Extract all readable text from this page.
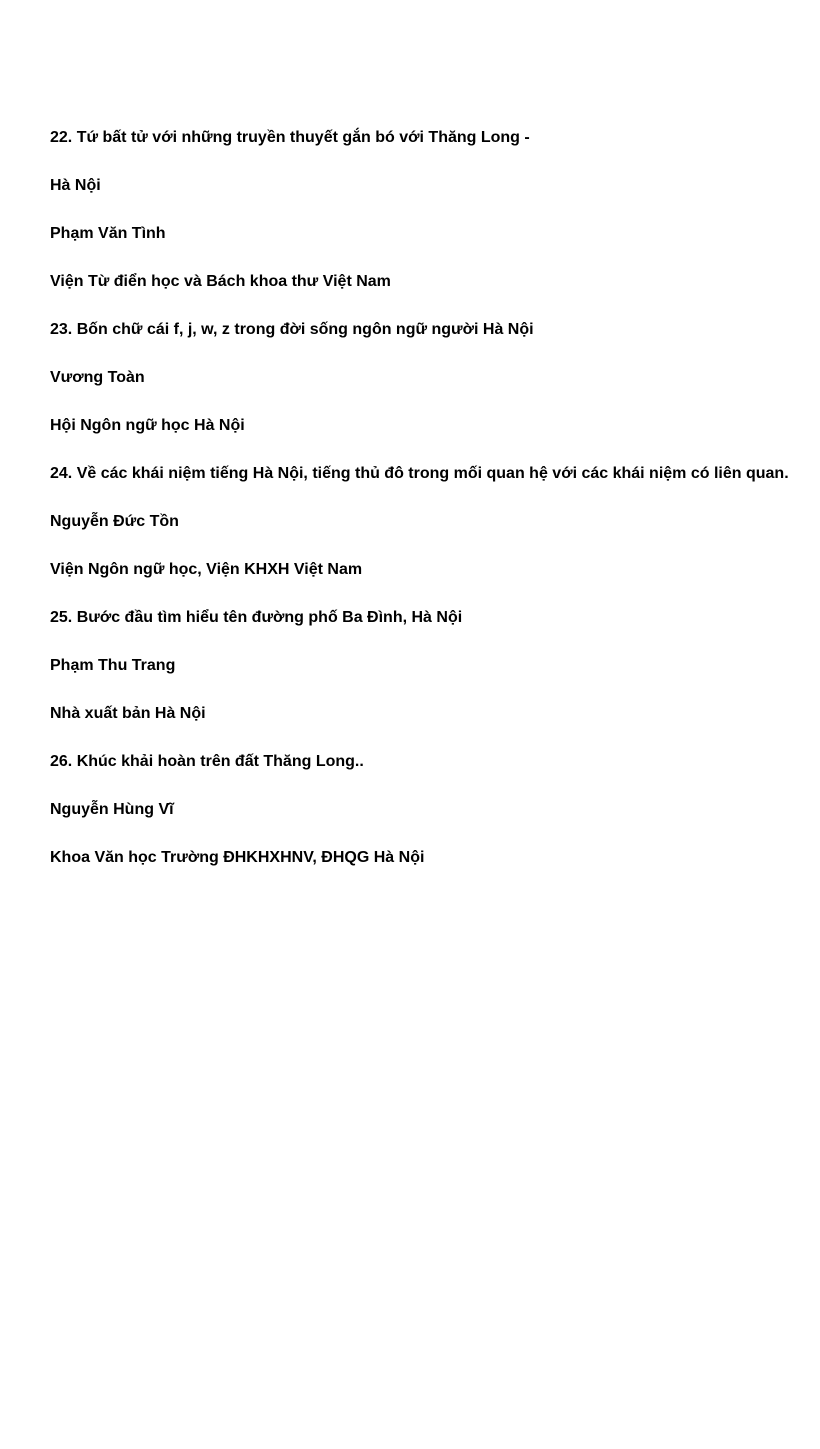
22. Tứ bất tử với những truyền thuyết gắn bó với Thăng Long -

Hà Nội

Phạm Văn Tình

Viện Từ điển học và Bách khoa thư Việt Nam

23. Bốn chữ cái f, j, w, z trong đời sống ngôn ngữ người Hà Nội

Vương Toàn

Hội Ngôn ngữ học Hà Nội

24. Về các khái niệm tiếng Hà Nội, tiếng thủ đô trong mối quan hệ với các khái niệm có liên quan.

Nguyễn Đức Tồn

Viện Ngôn ngữ học, Viện KHXH Việt Nam

25. Bước đầu tìm hiểu tên đường phố Ba Đình, Hà Nội

Phạm Thu Trang

Nhà xuất bản Hà Nội

26. Khúc khải hoàn trên đất Thăng Long..

Nguyễn Hùng Vĩ

Khoa Văn học Trường ĐHKHXHNV, ĐHQG Hà Nội
